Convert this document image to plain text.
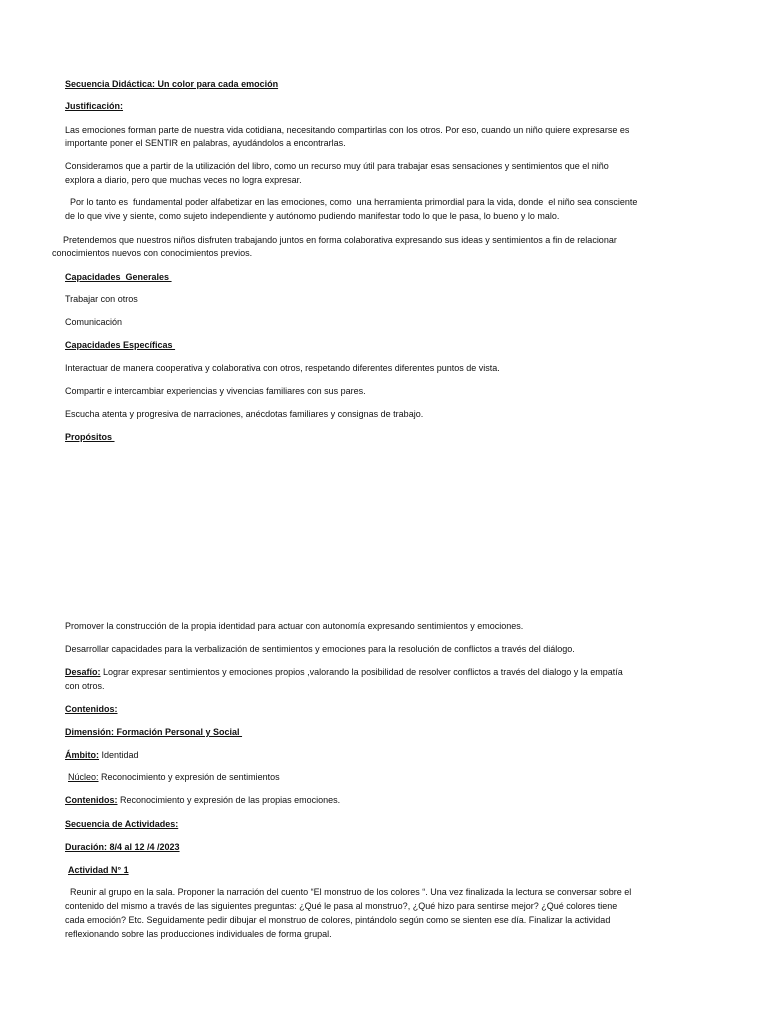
Secuencia Didáctica: Un color para cada emoción
Justificación:
Las emociones forman parte de nuestra vida cotidiana, necesitando compartirlas con los otros. Por eso, cuando un niño quiere expresarse es
importante poner el SENTIR en palabras, ayudándolos a encontrarlas.
Consideramos que a partir de la utilización del libro, como un recurso muy útil para trabajar esas sensaciones y sentimientos que el niño
explora a diario, pero que muchas veces no logra expresar.
Por lo tanto es  fundamental poder alfabetizar en las emociones, como  una herramienta primordial para la vida, donde  el niño sea consciente
de lo que vive y siente, como sujeto independiente y autónomo pudiendo manifestar todo lo que le pasa, lo bueno y lo malo.
Pretendemos que nuestros niños disfruten trabajando juntos en forma colaborativa expresando sus ideas y sentimientos a fin de relacionar
conocimientos nuevos con conocimientos previos.
Capacidades  Generales
Trabajar con otros
Comunicación
Capacidades Específicas
Interactuar de manera cooperativa y colaborativa con otros, respetando diferentes diferentes puntos de vista.
Compartir e intercambiar experiencias y vivencias familiares con sus pares.
Escucha atenta y progresiva de narraciones, anécdotas familiares y consignas de trabajo.
Propósitos
Promover la construcción de la propia identidad para actuar con autonomía expresando sentimientos y emociones.
Desarrollar capacidades para la verbalización de sentimientos y emociones para la resolución de conflictos a través del diálogo.
Desafío: Lograr expresar sentimientos y emociones propios ,valorando la posibilidad de resolver conflictos a través del dialogo y la empatía
con otros.
Contenidos:
Dimensión: Formación Personal y Social
Ámbito: Identidad
Núcleo: Reconocimiento y expresión de sentimientos
Contenidos: Reconocimiento y expresión de las propias emociones.
Secuencia de Actividades:
Duración: 8/4 al 12 /4 /2023
Actividad N° 1
Reunir al grupo en la sala. Proponer la narración del cuento “El monstruo de los colores “. Una vez finalizada la lectura se conversar sobre el
contenido del mismo a través de las siguientes preguntas: ¿Qué le pasa al monstruo?, ¿Qué hizo para sentirse mejor? ¿Qué colores tiene
cada emoción? Etc. Seguidamente pedir dibujar el monstruo de colores, pintándolo según como se sienten ese día. Finalizar la actividad
reflexionando sobre las producciones individuales de forma grupal.
